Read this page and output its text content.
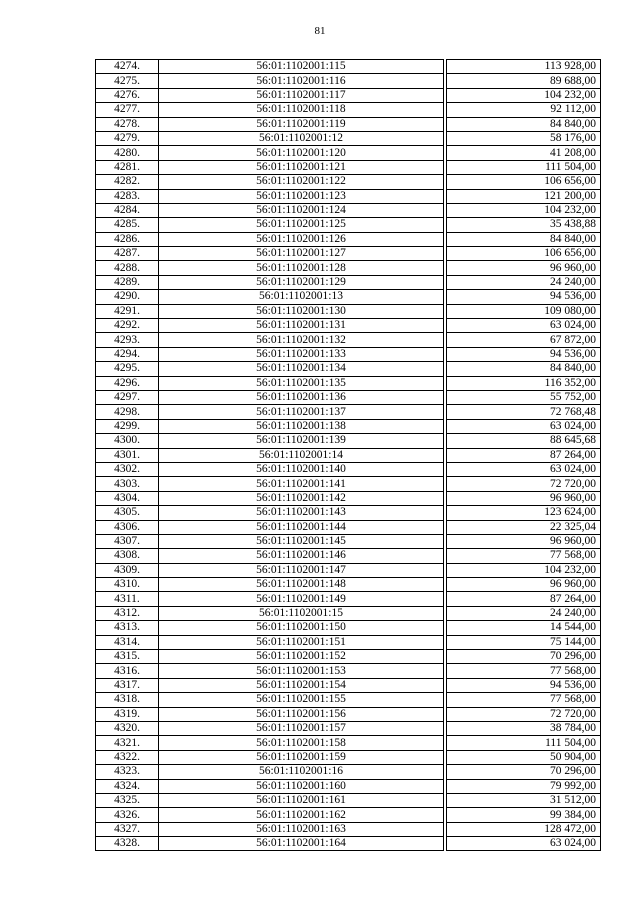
81
4274.	56:01:1102001:115		113 928,00
4275.	56:01:1102001:116		89 688,00
4276.	56:01:1102001:117		104 232,00
4277.	56:01:1102001:118		92 112,00
4278.	56:01:1102001:119		84 840,00
4279.	56:01:1102001:12		58 176,00
4280.	56:01:1102001:120		41 208,00
4281.	56:01:1102001:121		111 504,00
4282.	56:01:1102001:122		106 656,00
4283.	56:01:1102001:123		121 200,00
4284.	56:01:1102001:124		104 232,00
4285.	56:01:1102001:125		35 438,88
4286.	56:01:1102001:126		84 840,00
4287.	56:01:1102001:127		106 656,00
4288.	56:01:1102001:128		96 960,00
4289.	56:01:1102001:129		24 240,00
4290.	56:01:1102001:13		94 536,00
4291.	56:01:1102001:130		109 080,00
4292.	56:01:1102001:131		63 024,00
4293.	56:01:1102001:132		67 872,00
4294.	56:01:1102001:133		94 536,00
4295.	56:01:1102001:134		84 840,00
4296.	56:01:1102001:135		116 352,00
4297.	56:01:1102001:136		55 752,00
4298.	56:01:1102001:137		72 768,48
4299.	56:01:1102001:138		63 024,00
4300.	56:01:1102001:139		88 645,68
4301.	56:01:1102001:14		87 264,00
4302.	56:01:1102001:140		63 024,00
4303.	56:01:1102001:141		72 720,00
4304.	56:01:1102001:142		96 960,00
4305.	56:01:1102001:143		123 624,00
4306.	56:01:1102001:144		22 325,04
4307.	56:01:1102001:145		96 960,00
4308.	56:01:1102001:146		77 568,00
4309.	56:01:1102001:147		104 232,00
4310.	56:01:1102001:148		96 960,00
4311.	56:01:1102001:149		87 264,00
4312.	56:01:1102001:15		24 240,00
4313.	56:01:1102001:150		14 544,00
4314.	56:01:1102001:151		75 144,00
4315.	56:01:1102001:152		70 296,00
4316.	56:01:1102001:153		77 568,00
4317.	56:01:1102001:154		94 536,00
4318.	56:01:1102001:155		77 568,00
4319.	56:01:1102001:156		72 720,00
4320.	56:01:1102001:157		38 784,00
4321.	56:01:1102001:158		111 504,00
4322.	56:01:1102001:159		50 904,00
4323.	56:01:1102001:16		70 296,00
4324.	56:01:1102001:160		79 992,00
4325.	56:01:1102001:161		31 512,00
4326.	56:01:1102001:162		99 384,00
4327.	56:01:1102001:163		128 472,00
4328.	56:01:1102001:164		63 024,00
